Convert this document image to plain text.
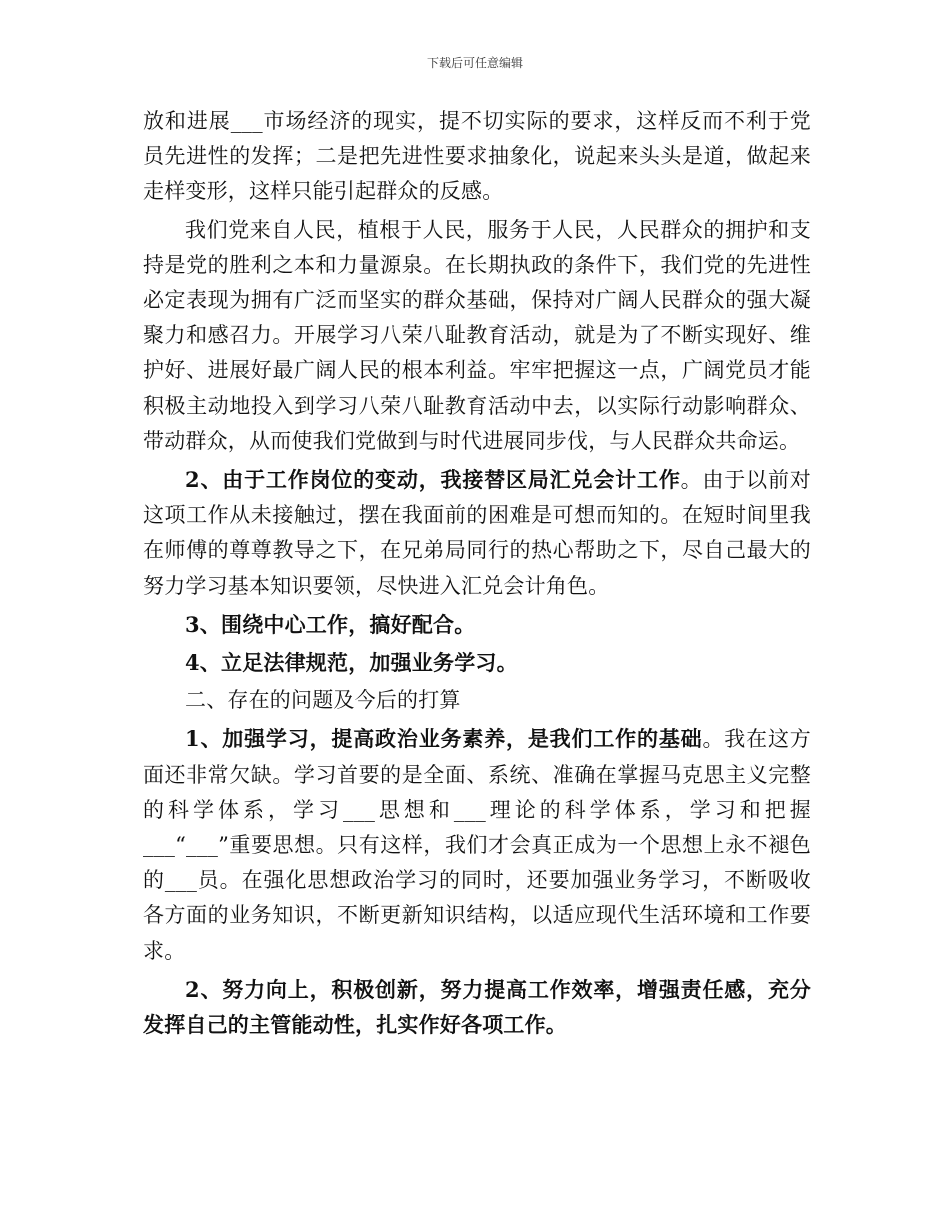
下载后可任意编辑

放和进展___市场经济的现实，提不切实际的要求，这样反而不利于党员先进性的发挥；二是把先进性要求抽象化，说起来头头是道，做起来走样变形，这样只能引起群众的反感。

我们党来自人民，植根于人民，服务于人民，人民群众的拥护和支持是党的胜利之本和力量源泉。在长期执政的条件下，我们党的先进性必定表现为拥有广泛而坚实的群众基础，保持对广阔人民群众的强大凝聚力和感召力。开展学习八荣八耻教育活动，就是为了不断实现好、维护好、进展好最广阔人民的根本利益。牢牢把握这一点，广阔党员才能积极主动地投入到学习八荣八耻教育活动中去，以实际行动影响群众、带动群众，从而使我们党做到与时代进展同步伐，与人民群众共命运。

2、由于工作岗位的变动，我接替区局汇兑会计工作。由于以前对这项工作从未接触过，摆在我面前的困难是可想而知的。在短时间里我在师傅的尊尊教导之下，在兄弟局同行的热心帮助之下，尽自己最大的努力学习基本知识要领，尽快进入汇兑会计角色。

3、围绕中心工作，搞好配合。

4、立足法律规范，加强业务学习。

二、存在的问题及今后的打算

1、加强学习，提高政治业务素养，是我们工作的基础。我在这方面还非常欠缺。学习首要的是全面、系统、准确在掌握马克思主义完整的科学体系，学习___思想和___理论的科学体系，学习和把握___“___”重要思想。只有这样，我们才会真正成为一个思想上永不褪色的___员。在强化思想政治学习的同时，还要加强业务学习，不断吸收各方面的业务知识，不断更新知识结构，以适应现代生活环境和工作要求。

2、努力向上，积极创新，努力提高工作效率，增强责任感，充分发挥自己的主管能动性，扎实作好各项工作。
